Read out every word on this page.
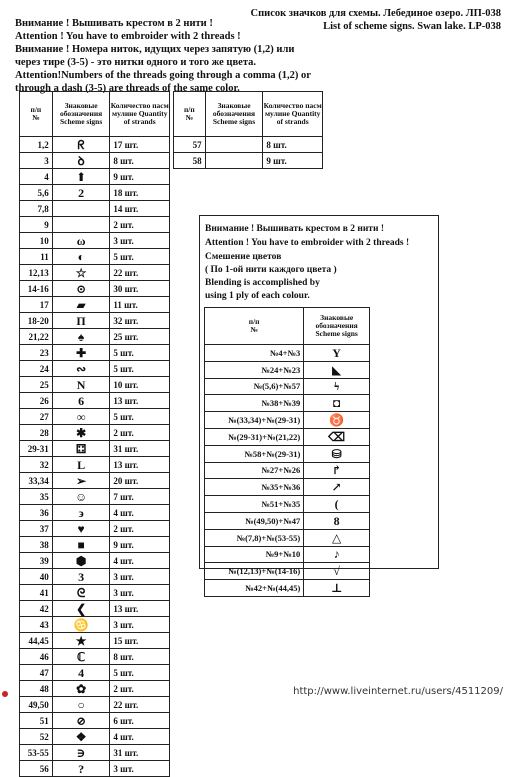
Список значков для схемы. Лебединое озеро. ЛП-038
List of scheme signs. Swan lake. LP-038
Внимание ! Вышивать крестом в 2 нити !
Attention ! You have to embroider with 2 threads !
Внимание ! Номера ниток, идущих через запятую (1,2) или
через тире (3-5) - это нитки одного и того же цвета.
Attention!Numbers of the threads going through a comma (1,2) or
through a dash (3-5) are threads of the same color.
п/п
№	Знаковые обозначения Scheme signs	Количество пасм мулине Quantity of strands
1,2	ᖇ	17 шт.
3	ꝺ	8 шт.
4	⬆	9 шт.
5,6	2	18 шт.
7,8		14 шт.
9		2 шт.
10	ω	3 шт.
11	◐	5 шт.
12,13	☆	22 шт.
14-16	⊙	30 шт.
17	▰	11 шт.
18-20	Π	32 шт.
21,22	♠	25 шт.
23	✚	5 шт.
24	∾	5 шт.
25	N	10 шт.
26	6	13 шт.
27	∞	5 шт.
28	✱	2 шт.
29-31	⚃	31 шт.
32	L	13 шт.
33,34	➢	20 шт.
35	☺	7 шт.
36	϶	4 шт.
37	♥	2 шт.
38	■	9 шт.
39	⬢	4 шт.
40	3	3 шт.
41	ᘓ	3 шт.
42	❮	13 шт.
43	♋	3 шт.
44,45	★	15 шт.
46	ℂ	8 шт.
47	4	5 шт.
48	✿	2 шт.
49,50	○	22 шт.
51	⊘	6 шт.
52	❖	4 шт.
53-55	∋	31 шт.
56	?	3 шт.
п/п
№	Знаковые обозначения Scheme signs	Количество пасм мулине Quantity of strands
57		8 шт.
58		9 шт.
Внимание ! Вышивать крестом в 2 нити !
Attention ! You have to embroider with 2 threads !
Смешение цветов
( По 1-ой нити каждого цвета )
Blending is accomplished by
using 1 ply of each colour.
п/п
№	Знаковые обозначения Scheme signs
№4+№3	Y
№24+№23	◣
№(5,6)+№57	ϟ
№38+№39	◘
№(33,34)+№(29-31)	♉
№(29-31)+№(21,22)	⌫
№58+№(29-31)	⛁
№27+№26	↱
№35+№36	↗
№51+№35	(
№(49,50)+№47	8
№(7,8)+№(53-55)	△
№9+№10	♪
№(12,13)+№(14-16)	√
№42+№(44,45)	⊥
http://www.liveinternet.ru/users/4511209/
